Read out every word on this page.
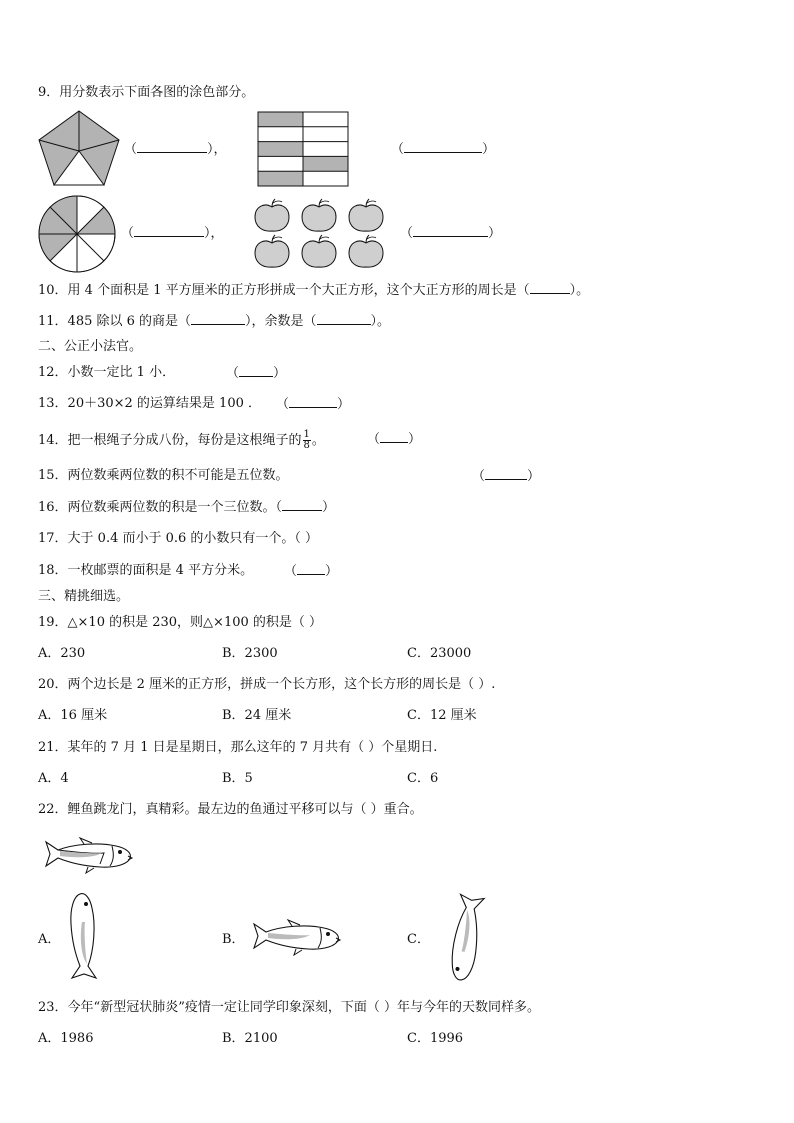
9．用分数表示下面各图的涂色部分。
（	），	（	）
（	），	（	）
10．用 4 个面积是 1 平方厘米的正方形拼成一个大正方形，这个大正方形的周长是（	）。
11．485 除以 6 的商是（	），余数是（	）。
二、公正小法官。
12．小数一定比 1 小．	（	）
13．20＋30×2 的运算结果是 100 ． （	）
14．把一根绳子分成八份，每份是这根绳子的 $\frac{1}{8}$ 。	（ ）
15．两位数乘两位数的积不可能是五位数。	（	）
16．两位数乘两位数的积是一个三位数。（	）
17．大于 0.4 而小于 0.6 的小数只有一个。（ ）
18．一枚邮票的面积是 4 平方分米。 （ ）
三、精挑细选。
19．△×10 的积是 230，则△×100 的积是（ ）
A．230	B．2300	C．23000
20．两个边长是 2 厘米的正方形，拼成一个长方形，这个长方形的周长是（ ）.
A．16 厘米	B．24 厘米	C．12 厘米
21．某年的 7 月 1 日是星期日，那么这年的 7 月共有（ ）个星期日.
A．4	B．5	C．6
22．鲤鱼跳龙门，真精彩。最左边的鱼通过平移可以与（ ）重合。
A．	B．	C．
23．今年“新型冠状肺炎”疫情一定让同学印象深刻，下面（ ）年与今年的天数同样多。
A．1986	B．2100	C．1996
